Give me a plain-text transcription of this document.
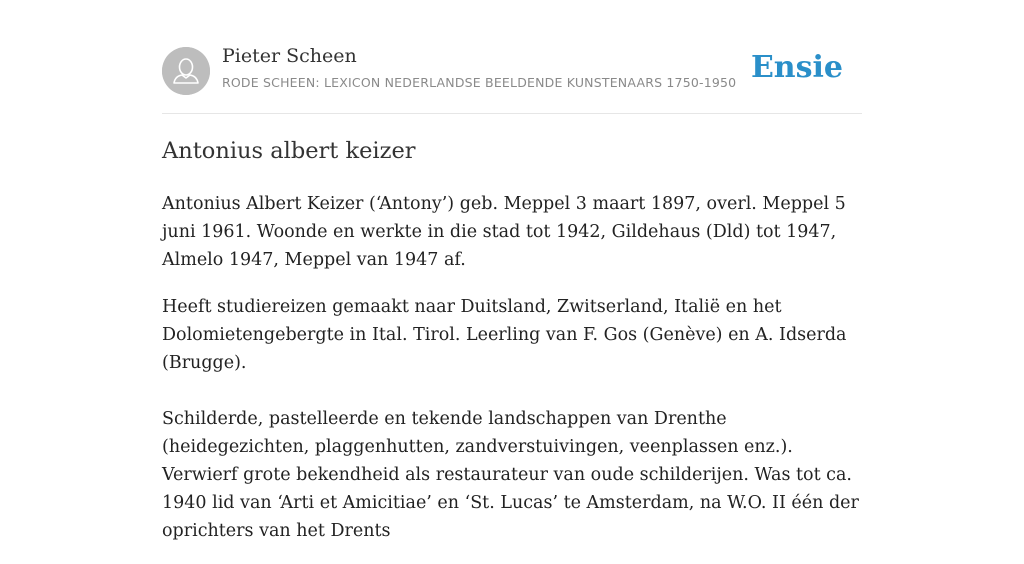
Pieter Scheen
RODE SCHEEN: LEXICON NEDERLANDSE BEELDENDE KUNSTENAARS 1750-1950 Ensie
Antonius albert keizer

Antonius Albert Keizer (‘Antony’) geb. Meppel 3 maart 1897, overl. Meppel 5 juni 1961. Woonde en werkte in die stad tot 1942, Gildehaus (Dld) tot 1947, Almelo 1947, Meppel van 1947 af.

Heeft studiereizen gemaakt naar Duitsland, Zwitserland, Italië en het Dolomietengebergte in Ital. Tirol. Leerling van F. Gos (Genève) en A. Idserda (Brugge).

Schilderde, pastelleerde en tekende landschappen van Drenthe (heidegezichten, plaggenhutten, zandverstuivingen, veenplassen enz.). Verwierf grote bekendheid als restaurateur van oude schilderijen. Was tot ca. 1940 lid van ‘Arti et Amicitiae’ en ‘St. Lucas’ te Amsterdam, na W.O. II één der oprichters van het Drents
